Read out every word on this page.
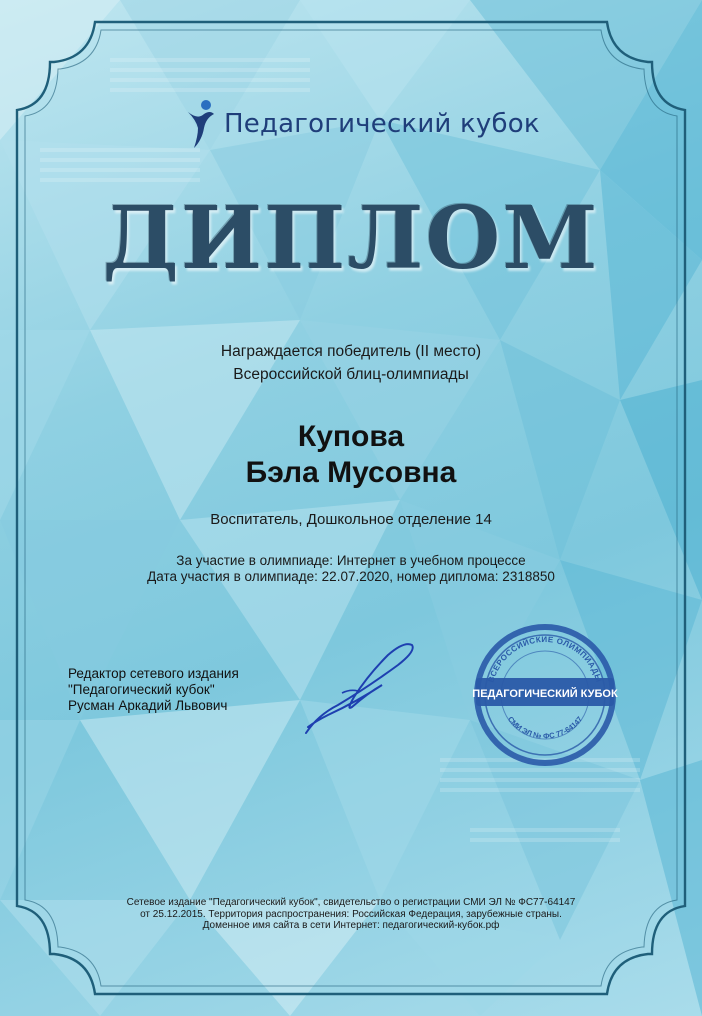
Педагогический кубок
ДИПЛОМ
Награждается победитель (II место)
Всероссийской блиц-олимпиады
Купова
Бэла Мусовна
Воспитатель, Дошкольное отделение 14
За участие в олимпиаде: Интернет в учебном процессе
Дата участия в олимпиаде: 22.07.2020, номер диплома: 2318850
Редактор сетевого издания
"Педагогический кубок"
Русман Аркадий Львович
СЕРОССИЙСКИЕ ОЛИМПИАД
ПЕДАГОГИЧЕСКИЙ КУБОК
СМИ ЭЛ № ФС 77-64147
Сетевое издание "Педагогический кубок", свидетельство о регистрации СМИ ЭЛ № ФС77-64147
от 25.12.2015. Территория распространения: Российская Федерация, зарубежные страны.
Доменное имя сайта в сети Интернет: педагогический-кубок.рф
